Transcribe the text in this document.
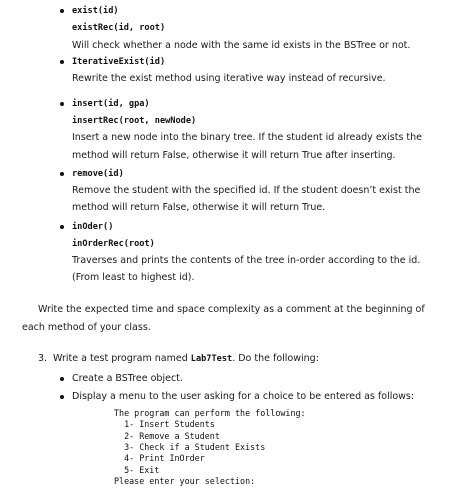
exist(id)
existRec(id, root)
Will check whether a node with the same id exists in the BSTree or not.
IterativeExist(id)
Rewrite the exist method using iterative way instead of recursive.
insert(id, gpa)
insertRec(root, newNode)
Insert a new node into the binary tree. If the student id already exists the
method will return False, otherwise it will return True after inserting.
remove(id)
Remove the student with the specified id. If the student doesn’t exist the
method will return False, otherwise it will return True.
inOder()
inOrderRec(root)
Traverses and prints the contents of the tree in-order according to the id.
(From least to highest id).
Write the expected time and space complexity as a comment at the beginning of
each method of your class.
3. Write a test program named Lab7Test. Do the following:
Create a BSTree object.
Display a menu to the user asking for a choice to be entered as follows:
The program can perform the following:
1- Insert Students
2- Remove a Student
3- Check if a Student Exists
4- Print InOrder
5- Exit
Please enter your selection:
